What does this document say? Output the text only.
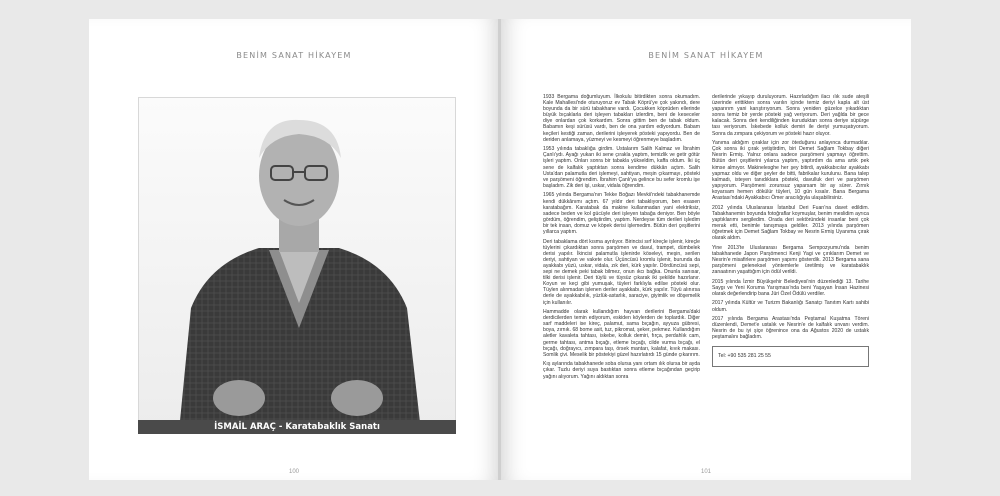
BENİM SANAT HİKAYEM
İSMAİL ARAÇ - Karatabaklık Sanatı
100
BENİM SANAT HİKAYEM

1933 Bergama doğumluyum. İlkokulu bitirdikten sonra okumadım. Kale Mahallesi'nde oturuyoruz ev Tabak Köprü'ye çok yakındı, dere boyunda da bir sürü tabakhane vardı. Çocukken köprüden ellerinde büyük bıçaklarla deri işleyen tabakları izlerdim, beni de keseceler diye onlardan çok korkardım. Sonra gittim ben de tabak oldum. Babamın keşi sürüsü vardı, ben de ona yardım ediyordum. Babam keçileri kestiği zaman, derilerini işleyerek pösteki yapıyordu. Ben de deriden anlamaya, yüzmeyi ve kesmeyi öğrenmeye başladım.

1953 yılında tabaklığa girdim. Ustalarım Salih Kalmaz ve İbrahim Çanlı'ydı. Ayağı yukarı iki sene çırakla yaptım, temizlik ve getir götür işleri yaptım. Onları sonra bir tabakla yükseldim, kaffa oldum. İki üç sene de kalfalık yaptıktan sonra kendime dükkân açtım. Salih Usta'dan palamutla deri işlemeyi, sahtiyan, meşin çıkarmayı, pösteki ve parşömeni öğrendim. İbrahim Çanlı'ya gelince bu sefer kromlu işe başladım. Zik deri işi, uskar, vidala öğrendim.

1965 yılında Bergama'nın Tekke Boğazı Mevkii'ndeki tabakhanemde kendi dükkânımı açtım. 67 yıldır deri tabaklıyorum, ben esasen karatabağım. Karatabak da makine kullanmadan yani elektriksiz, sadece beden ve kol gücüyle deri işleyen tabağa deniyor. Ben böyle gördüm, öğrendim, geliştirdim, yaptım. Nerdeyse tüm derileri işledim bir tek insan, domuz ve köpek derisi işlemedim. Bütün deri çeşitlerini yıllarca yaptım.

Deri tabaklama dört kısma ayrılıyor. Birincisi sırf kireçle işlenir, kireçle tüylerini çıkardıktan sonra parşömen ve davul, trampet, dümbelek derisi yapılır. İkincisi palamutla işlenirde köseleyi, meşin, serilen deriyi, sahtiyan ve vakete olur. Üçüncüsü kromlu işlenir, burunda da ayakkabı yüzü, uskar, vidala, zık deri, kürk yapılır. Dördüncüsü sepi, sepi ne demek peki tabak bilmez, onun ıkcı bağka. Onunla sanısar, tilki derisi işlenir. Deri tüylü ve tüysüz çıkarak iki şekilde hazırlanır. Koyun ve keçi gibi yumuşak, tüyleri farklıyla edilse pösteki olur. Tüylen alınmadan işlenen deriler ayakkabı, kürk yapılır. Tüyü alınırsa derle de ayakkabılık, yüzlük-astarlık, saraciye, giyimlik ve döşemelik için kullanılır.

Hammadde olarak kullandığım hayvan derilerini Bergama'daki derdicilerden temin ediyorum, eskiden köylerden de toplardık. Diğer sarf maddeleri ise kireç, palamut, sama bıçağın, ayyuza gübresi, boya, zırnık. 68 bome asit, tuz, pikromat, şeker, pekmez. Kullandığım aletler kavaleta tahtası, iskebe, kolluk demiri, fırça, perdahlık cam, germe tahtası, antma bıçağı, etleme bıçağı, cilde vurma bıçağı, el bıçağı, doğrayıcı, zımpara taşı, örsek mantarı, kalafat, kıvık makası. Somlik çivi. Meselik bir pöstekiyi güzel hazırlatırdı 15 günde çıkarırım.

Kış aylarında tabakhanede soba olursa yanı ortam ılık olursa bir ayda çıkar. Tuzlu deriyi suya bastıktan sonra etleme bıçağından geçirip yağını alıyorum. Yağını aldıktan sonra

derilerinde yıkayıp duruluyorum. Hazırladığım ilacı ılık sude ateşili üzerinde erittikten sonra varılın içinde temiz deriyi kapla alt üst yaparırım yani karıştırıyorum. Sonra yeniden güzelce yıkadıktan sonra temiz bir yerde pösteki yağ veriyorum. Deri yağlda bir gece kalacak. Sonra deri kendiliğinden kuruduktan sonra deriye süpürge tası veriyorum. İskebede kolluk demiri ile deriyi yumuşatıyorum. Sonra da zımpara çekiyorum ve pösteki hazır oluyor.

Yanıma aldığım çıraklar için zor öteduğunu anlayınca durmadılar. Çok sonra iki çırak yetiştirdim, biri Demet Sağlam Tokbay diğeri Nesrin Ermiş. Yalnız onlara sadece parşömeni yapmayı öğrettim. Bütün deri çeşitlerini yılarca yaptım, yaptırdım da ama artık pek kimse almıyor. Makinelesghe her şey bitirdi, ayakkabıcılar ayakkabı yapmaz oldu ve diğer şeyler de bitti, fabrikalar kurulunu. Bana talep kalmadı, isteyen tanıdıklara pösteki, davulluk deri ve parşömen yapıyorum. Parşömeni zorunsuz yaparsam bir ay sürer. Zırnık koyarsam hemen dökülür tüyleri, 10 gün kısalır. Bana Bergama Arastası'ndaki Ayakkabıcı Ömer aracılığıyla ulaşabilirsiniz.

2012 yılında Uluslararası İstanbul Deri Fuarı'na davet edildim. Tabakhanemin boyunda fotoğraflar koymuşlar, benim meslidim ayrıca yaptıklarımı sergiledim. Orada deri sektöründeki insanlar beni çok merak etti, benimle tanışmaya geldiler. 2013 yılında parşömen öğretmek için Demet Sağlam Tokbay ve Nesrin Ermiş Uyanıma çırak olarak aldım.

Yine 2013'te Uluslararası Bergama Sempozyumu'nda benim tabakhanede Japon Parşömenci Kenji Yagi ve çırıklarım Demet ve Nesrin'e misafirlere parşömen yapımı gösterdik. 2013 Bergama sana parşömeni geleneksel yöntemlerle üretilmiş ve karatabaklık zanaatının yaşattığım için ödül verildi.

2015 yılında İzmir Büyükşehir Belediyesi'nin düzenlediği 13. Tarihe Saygı ve Yeni Koruma Yarışması'nda beni Yaşayan İnsan Hazinesi olarak değerlendirip bana Jüri Özel Ödülü verdiler.

2017 yılında Kültür ve Turizm Bakanlığı Sanatçı Tanıtım Kartı sahibi oldum.

2017 yılında Bergama Arastası'nda Peştamal Kuşatma Töreni düzenlendi, Demet'e ustalık ve Nesrin'e de kalfalık unvanı verdim. Nesrin de bu iyi şiçe öğrenince ona da Ağustos 2020 de ustalık peştamalını bağladım.

Tel: +90 535 281 25 55
101
